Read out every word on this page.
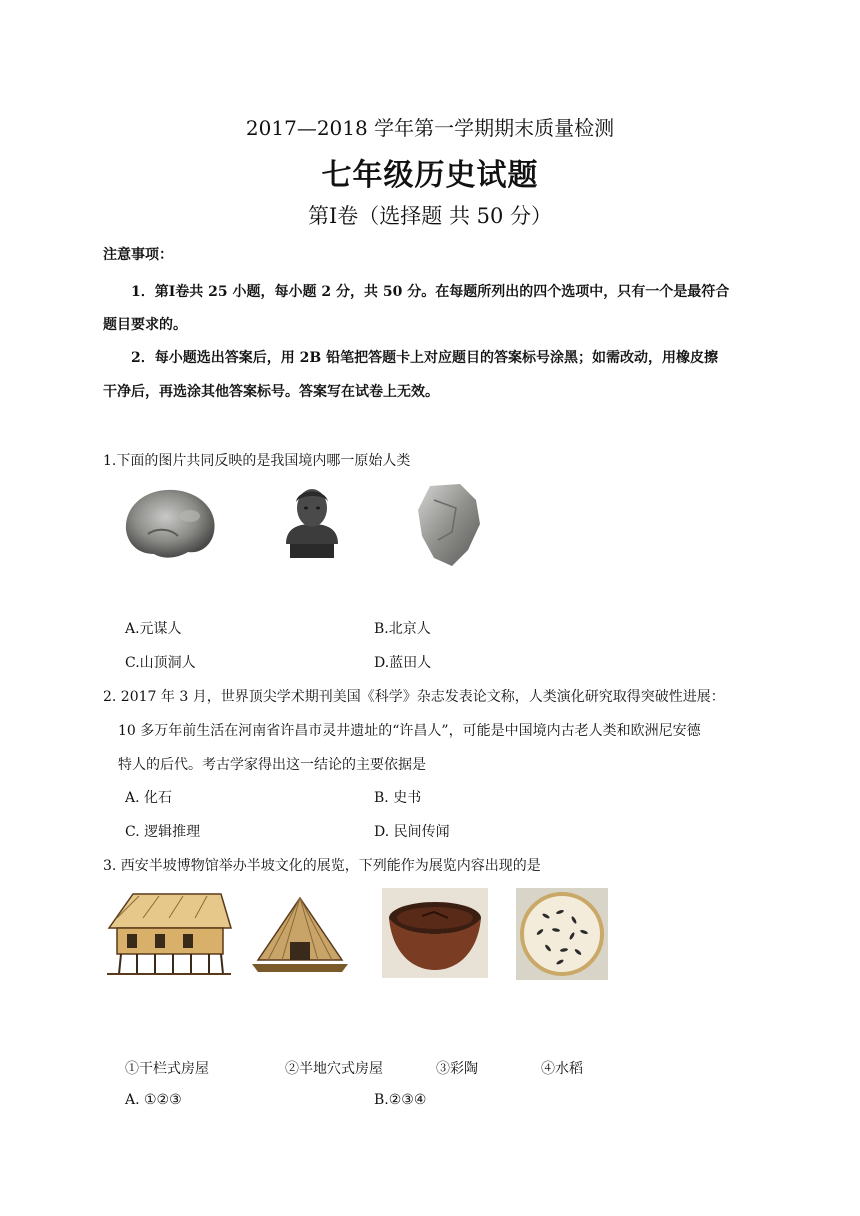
2017—2018 学年第一学期期末质量检测
七年级历史试题
第Ⅰ卷（选择题 共 50 分）
注意事项：
1．第Ⅰ卷共 25 小题，每小题 2 分，共 50 分。在每题所列出的四个选项中，只有一个是最符合
题目要求的。
2．每小题选出答案后，用 2B 铅笔把答题卡上对应题目的答案标号涂黑；如需改动，用橡皮擦
干净后，再选涂其他答案标号。答案写在试卷上无效。
1.下面的图片共同反映的是我国境内哪一原始人类
A.元谋人	B.北京人
C.山顶洞人	D.蓝田人
2. 2017 年 3 月，世界顶尖学术期刊美国《科学》杂志发表论文称，人类演化研究取得突破性进展：
10 多万年前生活在河南省许昌市灵井遗址的“许昌人”，可能是中国境内古老人类和欧洲尼安德
特人的后代。考古学家得出这一结论的主要依据是
A. 化石	B. 史书
C. 逻辑推理	D. 民间传闻
3. 西安半坡博物馆举办半坡文化的展览，下列能作为展览内容出现的是
①干栏式房屋	②半地穴式房屋	③彩陶	④水稻
A. ①②③	B.②③④
